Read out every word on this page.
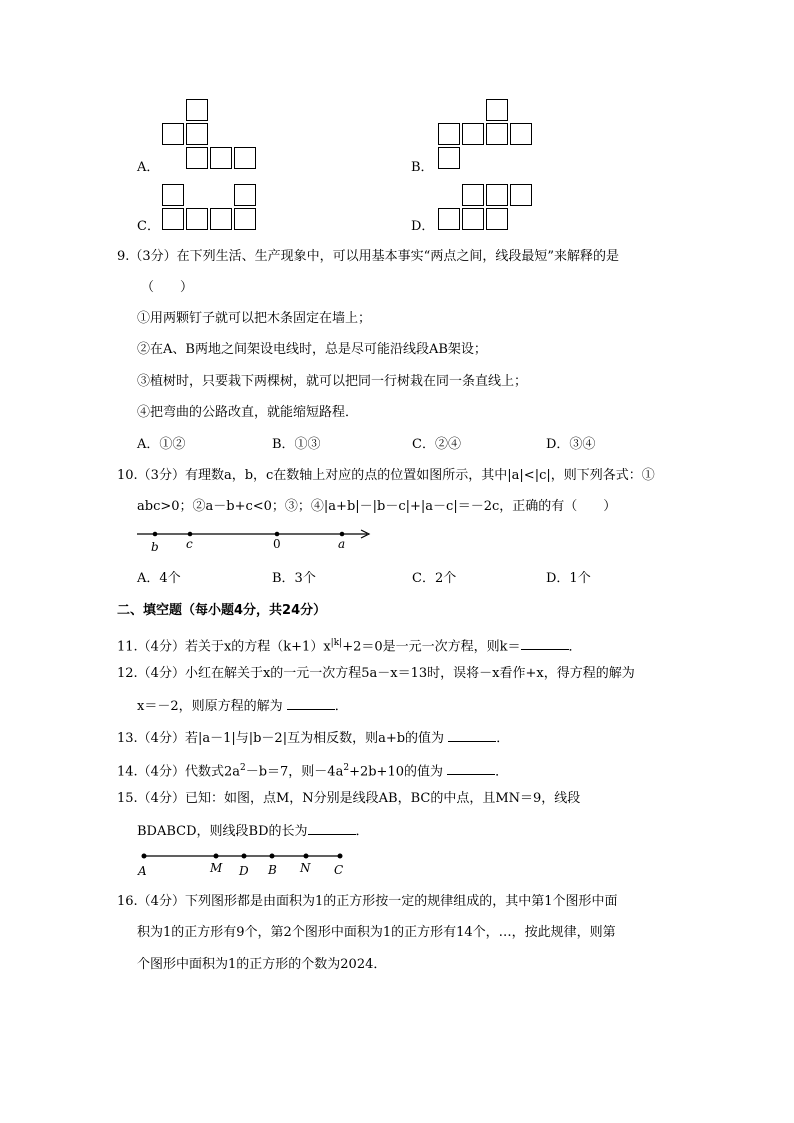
A．	B．
C．	D．
9.（3分）在下列生活、生产现象中，可以用基本事实“两点之间，线段最短”来解释的是
（　　）
①用两颗钉子就可以把木条固定在墙上；
②在A、B两地之间架设电线时，总是尽可能沿线段AB架设；
③植树时，只要栽下两棵树，就可以把同一行树栽在同一条直线上；
④把弯曲的公路改直，就能缩短路程．
A．①②	B．①③	C．②④	D．③④
10.（3分）有理数a，b，c在数轴上对应的点的位置如图所示，其中|a|<|c|，则下列各式：①
abc>0；②a－b+c<0；③；④|a+b|－|b－c|+|a－c|＝－2c，正确的有（　　）
b c	0	a
A．4个	B．3个	C．2个	D．1个
二、填空题（每小题4分，共24分）
11.（4分）若关于x的方程$(k+1)x^{|k|}+2=0$是一元一次方程，则k＝	．
12.（4分）小红在解关于x的一元一次方程5a－x＝13时，误将－x看作+x，得方程的解为
x＝－2，则原方程的解为	．
13.（4分）若|a－1|与|b－2|互为相反数，则a+b的值为	．
14.（4分）代数式$2a^2-b=7$，则$-4a^2+2b+10$的值为	．
15.（4分）已知：如图，点M，N分别是线段AB，BC的中点，且MN＝9，线段
BDABCD，则线段BD的长为	．
A	M D B N C
16.（4分）下列图形都是由面积为1的正方形按一定的规律组成的，其中第1个图形中面
积为1的正方形有9个，第2个图形中面积为1的正方形有14个，…，按此规律，则第
个图形中面积为1的正方形的个数为2024．
